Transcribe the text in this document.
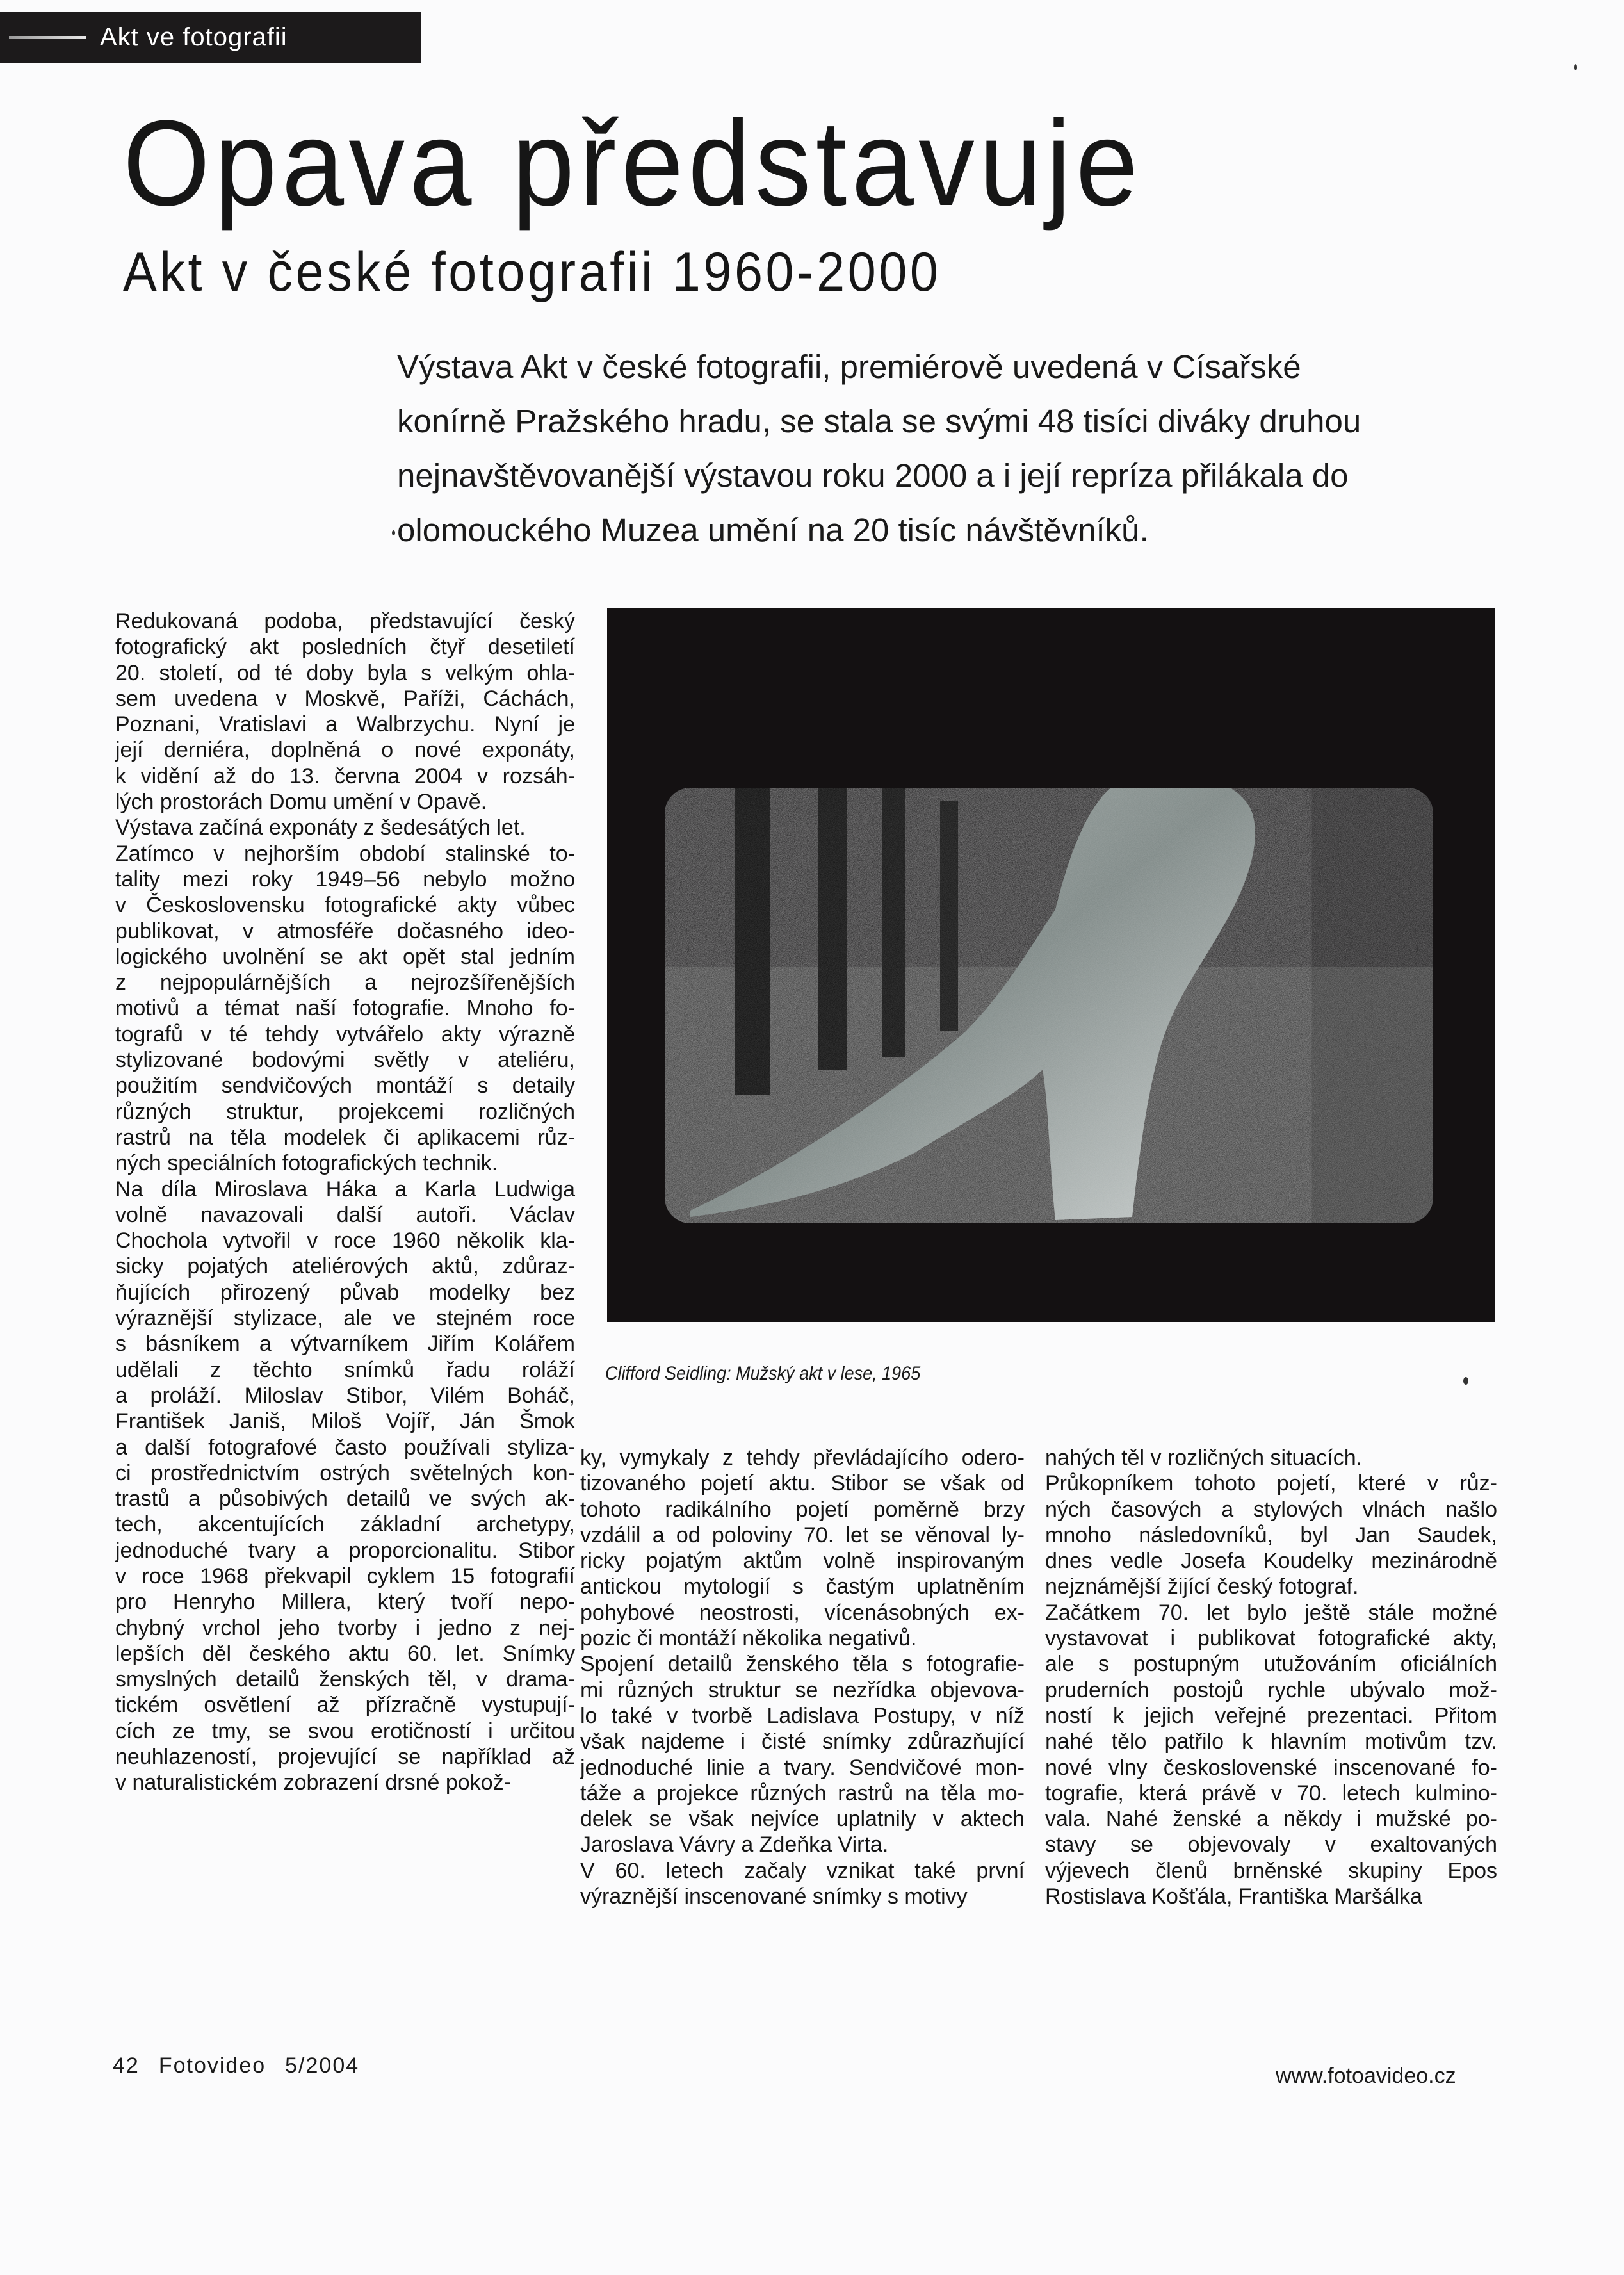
Akt ve fotografii
Opava představuje
Akt v české fotografii 1960-2000

Výstava Akt v české fotografii, premiérově uvedená v Císařské
konírně Pražského hradu, se stala se svými 48 tisíci diváky druhou
nejnavštěvovanější výstavou roku 2000 a i její repríza přilákala do
olomouckého Muzea umění na 20 tisíc návštěvníků.

Redukovaná podoba, představující český
fotografický akt posledních čtyř desetiletí
20. století, od té doby byla s velkým ohla-
sem uvedena v Moskvě, Paříži, Cáchách,
Poznani, Vratislavi a Walbrzychu. Nyní je
její derniéra, doplněná o nové exponáty,
k vidění až do 13. června 2004 v rozsáh-
lých prostorách Domu umění v Opavě.
Výstava začíná exponáty z šedesátých let.
Zatímco v nejhorším období stalinské to-
tality mezi roky 1949–56 nebylo možno
v Československu fotografické akty vůbec
publikovat, v atmosféře dočasného ideo-
logického uvolnění se akt opět stal jedním
z nejpopulárnějších a nejrozšířenějších
motivů a témat naší fotografie. Mnoho fo-
tografů v té tehdy vytvářelo akty výrazně
stylizované bodovými světly v ateliéru,
použitím sendvičových montáží s detaily
různých struktur, projekcemi rozličných
rastrů na těla modelek či aplikacemi růz-
ných speciálních fotografických technik.
Na díla Miroslava Háka a Karla Ludwiga
volně navazovali další autoři. Václav
Chochola vytvořil v roce 1960 několik kla-
sicky pojatých ateliérových aktů, zdůraz-
ňujících přirozený půvab modelky bez
výraznější stylizace, ale ve stejném roce
s básníkem a výtvarníkem Jiřím Kolářem
udělali z těchto snímků řadu roláží
a proláží. Miloslav Stibor, Vilém Boháč,
František Janiš, Miloš Vojíř, Ján Šmok
a další fotografové často používali styliza-
ci prostřednictvím ostrých světelných kon-
trastů a působivých detailů ve svých ak-
tech, akcentujících základní archetypy,
jednoduché tvary a proporcionalitu. Stibor
v roce 1968 překvapil cyklem 15 fotografií
pro Henryho Millera, který tvoří nepo-
chybný vrchol jeho tvorby i jedno z nej-
lepších děl českého aktu 60. let. Snímky
smyslných detailů ženských těl, v drama-
tickém osvětlení až přízračně vystupují-
cích ze tmy, se svou erotičností i určitou
neuhlazeností, projevující se například až
v naturalistickém zobrazení drsné pokož-
Clifford Seidling: Mužský akt v lese, 1965
ky, vymykaly z tehdy převládajícího odero-
tizovaného pojetí aktu. Stibor se však od
tohoto radikálního pojetí poměrně brzy
vzdálil a od poloviny 70. let se věnoval ly-
ricky pojatým aktům volně inspirovaným
antickou mytologií s častým uplatněním
pohybové neostrosti, vícenásobných ex-
pozic či montáží několika negativů.
Spojení detailů ženského těla s fotografie-
mi různých struktur se nezřídka objevova-
lo také v tvorbě Ladislava Postupy, v níž
však najdeme i čisté snímky zdůrazňující
jednoduché linie a tvary. Sendvičové mon-
táže a projekce různých rastrů na těla mo-
delek se však nejvíce uplatnily v aktech
Jaroslava Vávry a Zdeňka Virta.
V 60. letech začaly vznikat také první
výraznější inscenované snímky s motivy
nahých těl v rozličných situacích.
Průkopníkem tohoto pojetí, které v růz-
ných časových a stylových vlnách našlo
mnoho následovníků, byl Jan Saudek,
dnes vedle Josefa Koudelky mezinárodně
nejznámější žijící český fotograf.
Začátkem 70. let bylo ještě stále možné
vystavovat i publikovat fotografické akty,
ale s postupným utužováním oficiálních
pruderních postojů rychle ubývalo mož-
ností k jejich veřejné prezentaci. Přitom
nahé tělo patřilo k hlavním motivům tzv.
nové vlny československé inscenované fo-
tografie, která právě v 70. letech kulmino-
vala. Nahé ženské a někdy i mužské po-
stavy se objevovaly v exaltovaných
výjevech členů brněnské skupiny Epos
Rostislava Košťála, Františka Maršálka
42 Fotovideo 5/2004	www.fotoavideo.cz
